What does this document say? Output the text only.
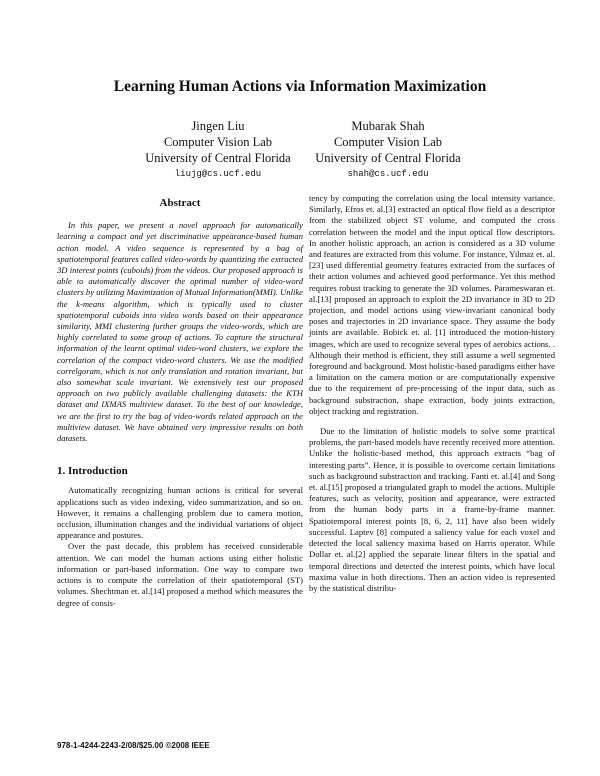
Learning Human Actions via Information Maximization
Jingen Liu
Computer Vision Lab
University of Central Florida
liujg@cs.ucf.edu
Mubarak Shah
Computer Vision Lab
University of Central Florida
shah@cs.ucf.edu
Abstract

In this paper, we present a novel approach for automatically learning a compact and yet discriminative appearance-based human action model. A video sequence is represented by a bag of spatiotemporal features called video-words by quantizing the extracted 3D interest points (cuboids) from the videos. Our proposed approach is able to automatically discover the optimal number of video-word clusters by utilizing Maximization of Mutual Information(MMI). Unlike the k-means algorithm, which is typically used to cluster spatiotemporal cuboids into video words based on their appearance similarity, MMI clustering further groups the video-words, which are highly correlated to some group of actions. To capture the structural information of the learnt optimal video-word clusters, we explore the correlation of the compact video-word clusters. We use the modified correlgoram, which is not only translation and rotation invariant, but also somewhat scale invariant. We extensively test our proposed approach on two publicly available challenging datasets: the KTH dataset and IXMAS multiview dataset. To the best of our knowledge, we are the first to try the bag of video-words related approach on the multiview dataset. We have obtained very impressive results on both datasets.

1. Introduction

Automatically recognizing human actions is critical for several applications such as video indexing, video summarization, and so on. However, it remains a challenging problem due to camera motion, occlusion, illumination changes and the individual variations of object appearance and postures.

Over the past decade, this problem has received considerable attention. We can model the human actions using either holistic information or part-based information. One way to compare two actions is to compute the correlation of their spatiotemporal (ST) volumes. Shechtman et. al.[14] proposed a method which measures the degree of consis-

tency by computing the correlation using the local intensity variance. Similarly, Efros et. al.[3] extracted an optical flow field as a descriptor from the stabilized object ST volume, and computed the cross correlation between the model and the input optical flow descriptors. In another holistic approach, an action is considered as a 3D volume and features are extracted from this volume. For instance, Yilmaz et. al.[23] used differential geometry features extracted from the surfaces of their action volumes and achieved good performance. Yet this method requires robust tracking to generate the 3D volumes. Parameswaran et. al.[13] proposed an approach to exploit the 2D invariance in 3D to 2D projection, and model actions using view-invariant canonical body poses and trajectories in 2D invariance space. They assume the body joints are available. Bobick et. al. [1] introduced the motion-history images, which are used to recognize several types of aerobics actions. . Although their method is efficient, they still assume a well segmented foreground and background. Most holistic-based paradigms either have a limitation on the camera motion or are computationally expensive due to the requirement of pre-processing of the input data, such as background substraction, shape extraction, body joints extraction, object tracking and registration.

Due to the limitation of holistic models to solve some practical problems, the part-based models have recently received more attention. Unlike the holistic-based method, this approach extracts “bag of interesting parts”. Hence, it is possible to overcome certain limitations such as background substraction and tracking. Fanti et. al.[4] and Song et. al.[15] proposed a triangulated graph to model the actions. Multiple features, such as velocity, position and appearance, were extracted from the human body parts in a frame-by-frame manner. Spatiotemporal interest points [8, 6, 2, 11] have also been widely successful. Laptev [8] computed a saliency value for each voxel and detected the local saliency maxima based on Harris operator. While Dollar et. al.[2] applied the separate linear filters in the spatial and temporal directions and detected the interest points, which have local maxima value in both directions. Then an action video is represented by the statistical distribu-

978-1-4244-2243-2/08/$25.00 ©2008 IEEE
